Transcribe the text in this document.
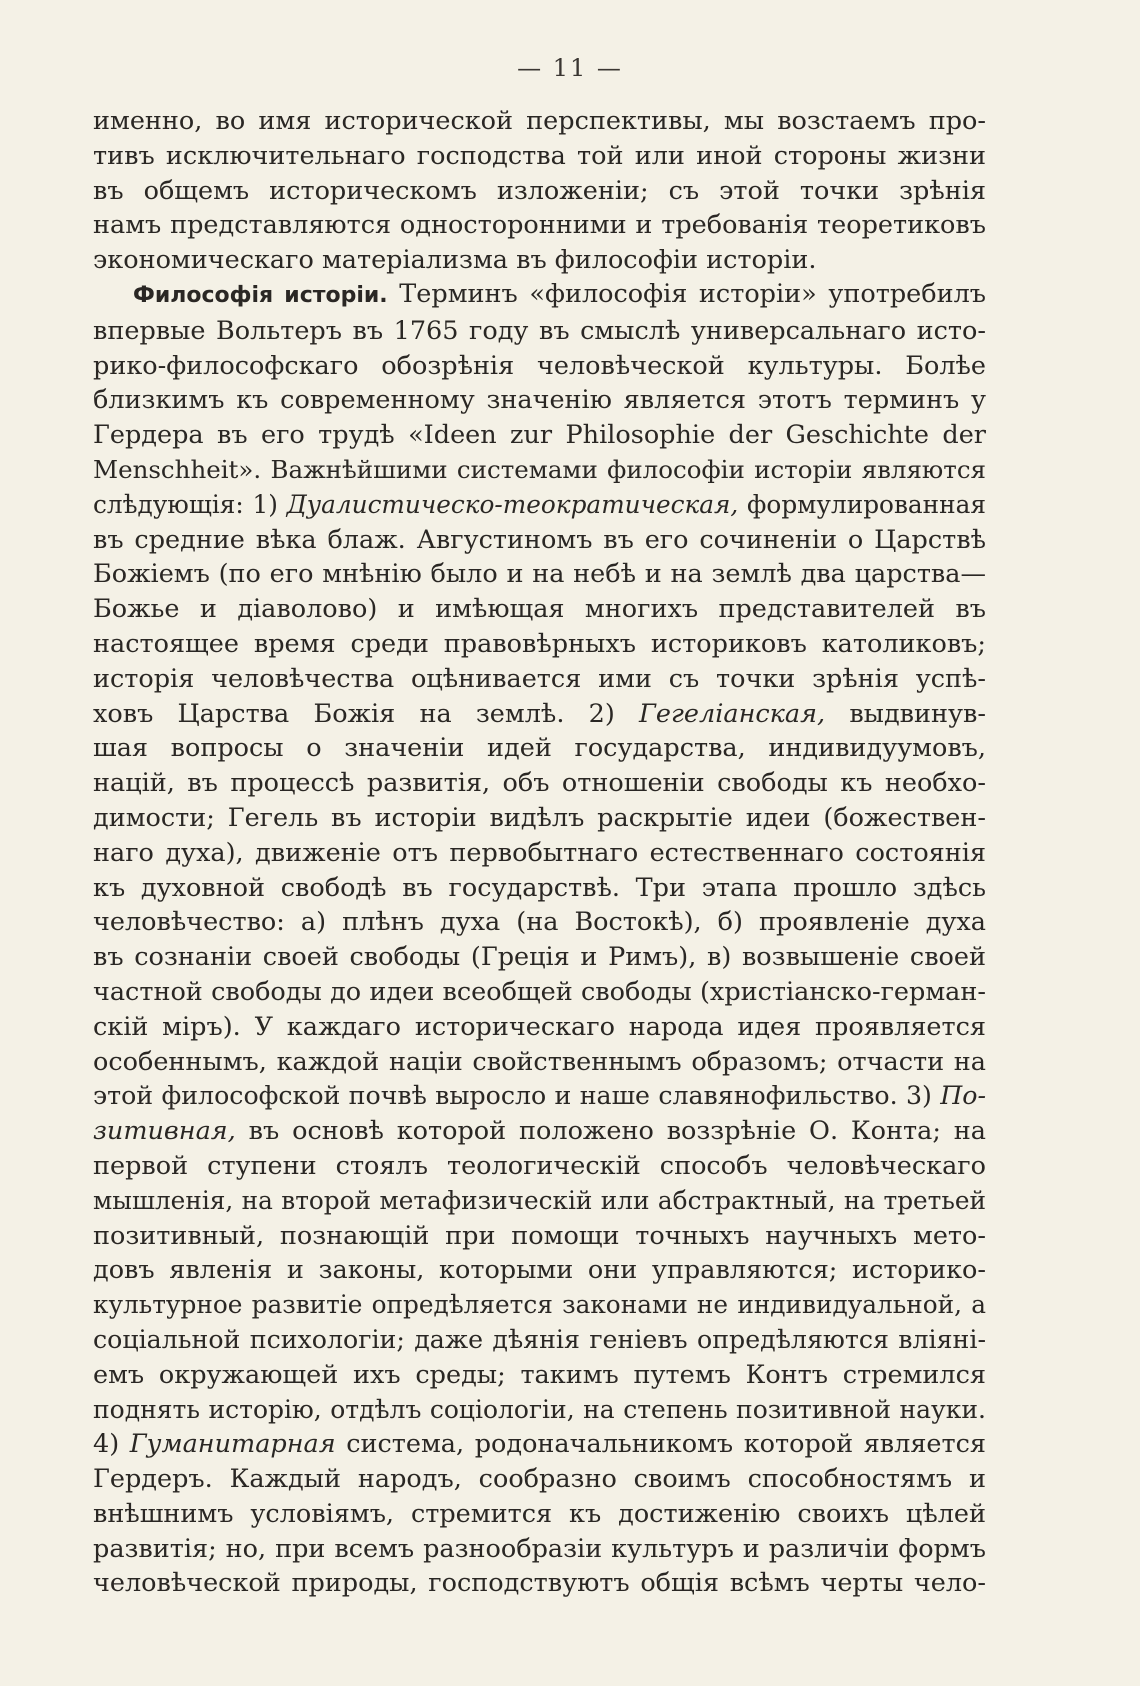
— 11 —
именно, во имя исторической перспективы, мы возстаемъ про-
тивъ исключительнаго господства той или иной стороны жизни
въ общемъ историческомъ изложенiи; съ этой точки зрѣнiя
намъ представляются односторонними и требованiя теоретиковъ
экономическаго матерiализма въ философiи исторiи.
Философiя исторiи. Терминъ «философiя исторiи» употребилъ
впервые Вольтеръ въ 1765 году въ смыслѣ универсальнаго исто-
рико-философскаго обозрѣнiя человѣческой культуры. Болѣе
близкимъ къ современному значенiю является этотъ терминъ у
Гердера въ его трудѣ «Ideen zur Philosophie der Geschichte der
Menschheit». Важнѣйшими системами философiи исторiи являются
слѣдующiя: 1) Дуалистическо-теократическая, формулированная
въ средние вѣка блаж. Августиномъ въ его сочиненiи о Царствѣ
Божiемъ (по его мнѣнiю было и на небѣ и на землѣ два царства—
Божье и дiаволово) и имѣющая многихъ представителей въ
настоящее время среди правовѣрныхъ историковъ католиковъ;
исторiя человѣчества оцѣнивается ими съ точки зрѣнiя успѣ-
ховъ Царства Божiя на землѣ. 2) Гегелiанская, выдвинув-
шая вопросы о значенiи идей государства, индивидуумовъ,
нацiй, въ процессѣ развитiя, объ отношенiи свободы къ необхо-
димости; Гегель въ исторiи видѣлъ раскрытiе идеи (божествен-
наго духа), движенiе отъ первобытнаго естественнаго состоянiя
къ духовной свободѣ въ государствѣ. Три этапа прошло здѣсь
человѣчество: а) плѣнъ духа (на Востокѣ), б) проявленiе духа
въ сознанiи своей свободы (Грецiя и Римъ), в) возвышенiе своей
частной свободы до идеи всеобщей свободы (христiанско-герман-
скiй мiръ). У каждаго историческаго народа идея проявляется
особеннымъ, каждой нацiи свойственнымъ образомъ; отчасти на
этой философской почвѣ выросло и наше славянофильство. 3) По-
зитивная, въ основѣ которой положено воззрѣнiе О. Конта; на
первой ступени стоялъ теологическiй способъ человѣческаго
мышленiя, на второй метафизическiй или абстрактный, на третьей
позитивный, познающiй при помощи точныхъ научныхъ мето-
довъ явленiя и законы, которыми они управляются; историко-
культурное развитiе опредѣляется законами не индивидуальной, а
соцiальной психологiи; даже дѣянiя генiевъ опредѣляются влiянi-
емъ окружающей ихъ среды; такимъ путемъ Контъ стремился
поднять исторiю, отдѣлъ соцiологiи, на степень позитивной науки.
4) Гуманитарная система, родоначальникомъ которой является
Гердеръ. Каждый народъ, сообразно своимъ способностямъ и
внѣшнимъ условiямъ, стремится къ достиженiю своихъ цѣлей
развитiя; но, при всемъ разнообразiи культуръ и различiи формъ
человѣческой природы, господствуютъ общiя всѣмъ черты чело-
